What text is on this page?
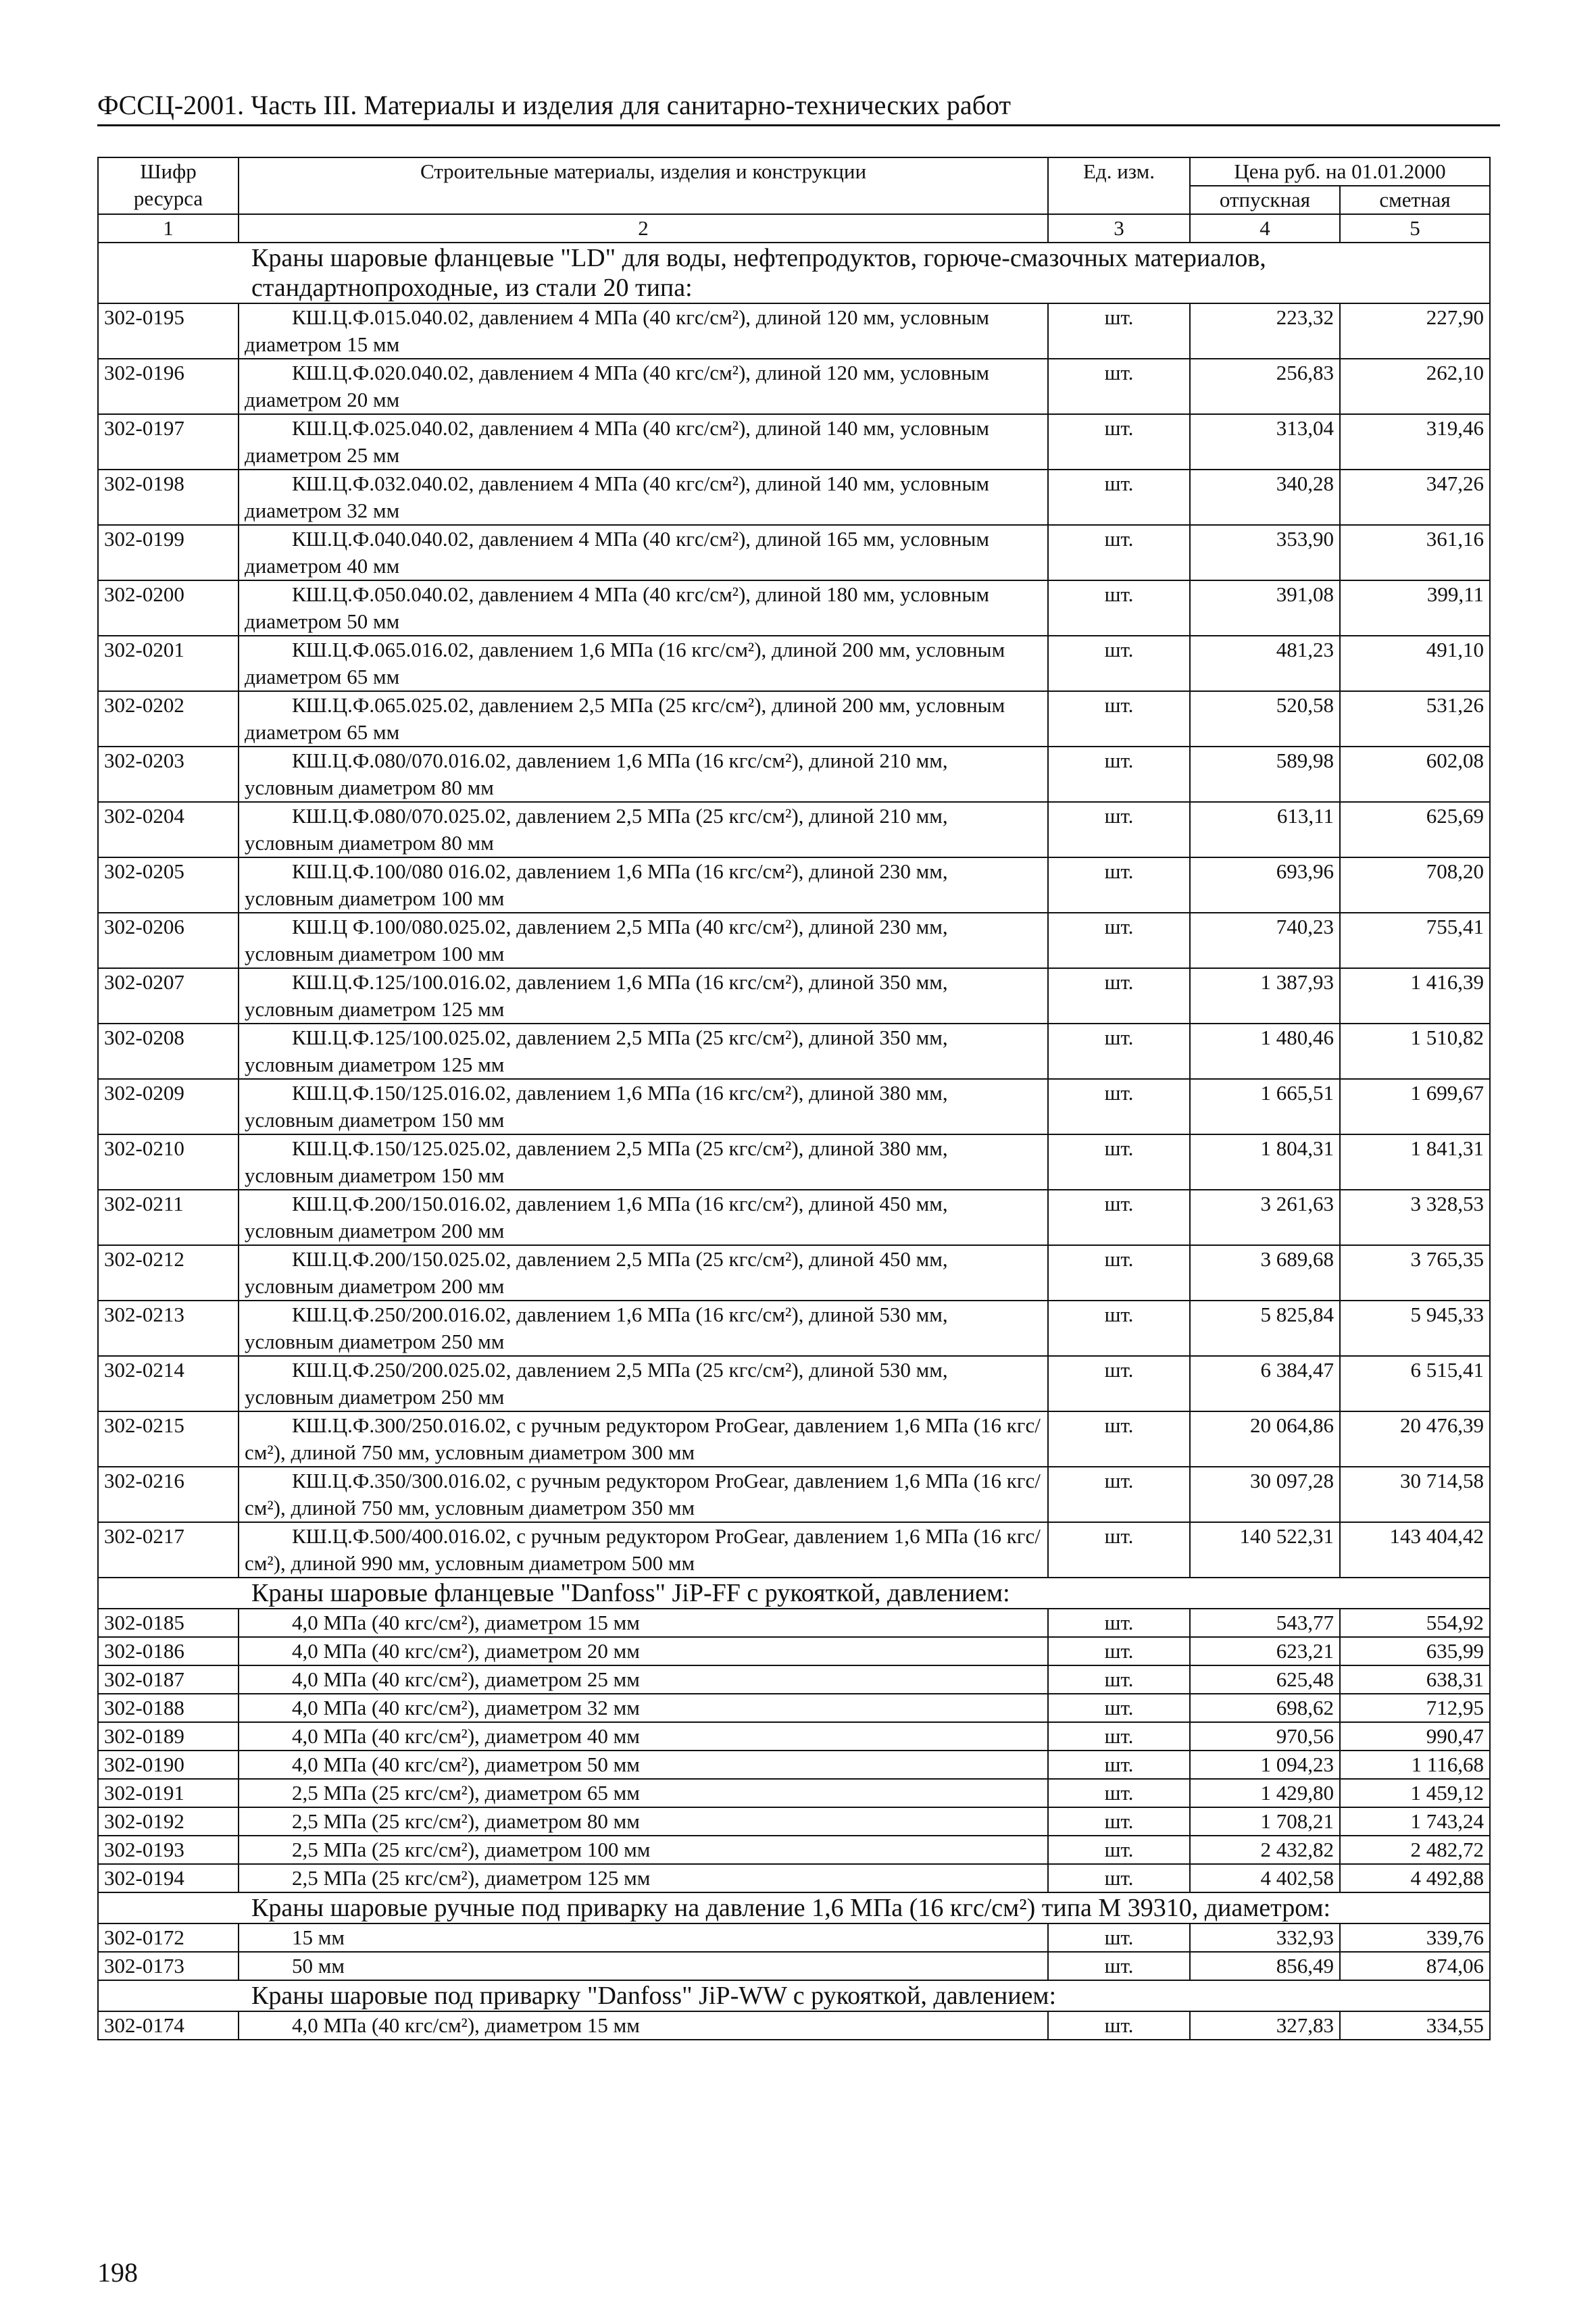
ФССЦ-2001. Часть III. Материалы и изделия для санитарно-технических работ
Шифр ресурса	Строительные материалы, изделия и конструкции	Ед. изм.	Цена руб. на 01.01.2000	
			отпускная	сметная
1	2	3	4	5
Краны шаровые фланцевые "LD" для воды, нефтепродуктов, горюче-смазочных материалов, стандартнопроходные, из стали 20 типа:				
302-0195	КШ.Ц.Ф.015.040.02, давлением 4 МПа (40 кгс/см²), длиной 120 мм, условным диаметром 15 мм	шт.	223,32	227,90
302-0196	КШ.Ц.Ф.020.040.02, давлением 4 МПа (40 кгс/см²), длиной 120 мм, условным диаметром 20 мм	шт.	256,83	262,10
302-0197	КШ.Ц.Ф.025.040.02, давлением 4 МПа (40 кгс/см²), длиной 140 мм, условным диаметром 25 мм	шт.	313,04	319,46
302-0198	КШ.Ц.Ф.032.040.02, давлением 4 МПа (40 кгс/см²), длиной 140 мм, условным диаметром 32 мм	шт.	340,28	347,26
302-0199	КШ.Ц.Ф.040.040.02, давлением 4 МПа (40 кгс/см²), длиной 165 мм, условным диаметром 40 мм	шт.	353,90	361,16
302-0200	КШ.Ц.Ф.050.040.02, давлением 4 МПа (40 кгс/см²), длиной 180 мм, условным диаметром 50 мм	шт.	391,08	399,11
302-0201	КШ.Ц.Ф.065.016.02, давлением 1,6 МПа (16 кгс/см²), длиной 200 мм, условным диаметром 65 мм	шт.	481,23	491,10
302-0202	КШ.Ц.Ф.065.025.02, давлением 2,5 МПа (25 кгс/см²), длиной 200 мм, условным диаметром 65 мм	шт.	520,58	531,26
302-0203	КШ.Ц.Ф.080/070.016.02, давлением 1,6 МПа (16 кгс/см²), длиной 210 мм, условным диаметром 80 мм	шт.	589,98	602,08
302-0204	КШ.Ц.Ф.080/070.025.02, давлением 2,5 МПа (25 кгс/см²), длиной 210 мм, условным диаметром 80 мм	шт.	613,11	625,69
302-0205	КШ.Ц.Ф.100/080 016.02, давлением 1,6 МПа (16 кгс/см²), длиной 230 мм, условным диаметром 100 мм	шт.	693,96	708,20
302-0206	КШ.Ц Ф.100/080.025.02, давлением 2,5 МПа (40 кгс/см²), длиной 230 мм, условным диаметром 100 мм	шт.	740,23	755,41
302-0207	КШ.Ц.Ф.125/100.016.02, давлением 1,6 МПа (16 кгс/см²), длиной 350 мм, условным диаметром 125 мм	шт.	1 387,93	1 416,39
302-0208	КШ.Ц.Ф.125/100.025.02, давлением 2,5 МПа (25 кгс/см²), длиной 350 мм, условным диаметром 125 мм	шт.	1 480,46	1 510,82
302-0209	КШ.Ц.Ф.150/125.016.02, давлением 1,6 МПа (16 кгс/см²), длиной 380 мм, условным диаметром 150 мм	шт.	1 665,51	1 699,67
302-0210	КШ.Ц.Ф.150/125.025.02, давлением 2,5 МПа (25 кгс/см²), длиной 380 мм, условным диаметром 150 мм	шт.	1 804,31	1 841,31
302-0211	КШ.Ц.Ф.200/150.016.02, давлением 1,6 МПа (16 кгс/см²), длиной 450 мм, условным диаметром 200 мм	шт.	3 261,63	3 328,53
302-0212	КШ.Ц.Ф.200/150.025.02, давлением 2,5 МПа (25 кгс/см²), длиной 450 мм, условным диаметром 200 мм	шт.	3 689,68	3 765,35
302-0213	КШ.Ц.Ф.250/200.016.02, давлением 1,6 МПа (16 кгс/см²), длиной 530 мм, условным диаметром 250 мм	шт.	5 825,84	5 945,33
302-0214	КШ.Ц.Ф.250/200.025.02, давлением 2,5 МПа (25 кгс/см²), длиной 530 мм, условным диаметром 250 мм	шт.	6 384,47	6 515,41
302-0215	КШ.Ц.Ф.300/250.016.02, с ручным редуктором ProGear, давлением 1,6 МПа (16 кгс/см²), длиной 750 мм, условным диаметром 300 мм	шт.	20 064,86	20 476,39
302-0216	КШ.Ц.Ф.350/300.016.02, с ручным редуктором ProGear, давлением 1,6 МПа (16 кгс/см²), длиной 750 мм, условным диаметром 350 мм	шт.	30 097,28	30 714,58
302-0217	КШ.Ц.Ф.500/400.016.02, с ручным редуктором ProGear, давлением 1,6 МПа (16 кгс/см²), длиной 990 мм, условным диаметром 500 мм	шт.	140 522,31	143 404,42
Краны шаровые фланцевые "Danfoss" JiP-FF с рукояткой, давлением:				
302-0185	4,0 МПа (40 кгс/см²), диаметром 15 мм	шт.	543,77	554,92
302-0186	4,0 МПа (40 кгс/см²), диаметром 20 мм	шт.	623,21	635,99
302-0187	4,0 МПа (40 кгс/см²), диаметром 25 мм	шт.	625,48	638,31
302-0188	4,0 МПа (40 кгс/см²), диаметром 32 мм	шт.	698,62	712,95
302-0189	4,0 МПа (40 кгс/см²), диаметром 40 мм	шт.	970,56	990,47
302-0190	4,0 МПа (40 кгс/см²), диаметром 50 мм	шт.	1 094,23	1 116,68
302-0191	2,5 МПа (25 кгс/см²), диаметром 65 мм	шт.	1 429,80	1 459,12
302-0192	2,5 МПа (25 кгс/см²), диаметром 80 мм	шт.	1 708,21	1 743,24
302-0193	2,5 МПа (25 кгс/см²), диаметром 100 мм	шт.	2 432,82	2 482,72
302-0194	2,5 МПа (25 кгс/см²), диаметром 125 мм	шт.	4 402,58	4 492,88
Краны шаровые ручные под приварку на давление 1,6 МПа (16 кгс/см²) типа М 39310, диаметром:				
302-0172	15 мм	шт.	332,93	339,76
302-0173	50 мм	шт.	856,49	874,06
Краны шаровые под приварку "Danfoss" JiP-WW с рукояткой, давлением:				
302-0174	4,0 МПа (40 кгс/см²), диаметром 15 мм	шт.	327,83	334,55
198
